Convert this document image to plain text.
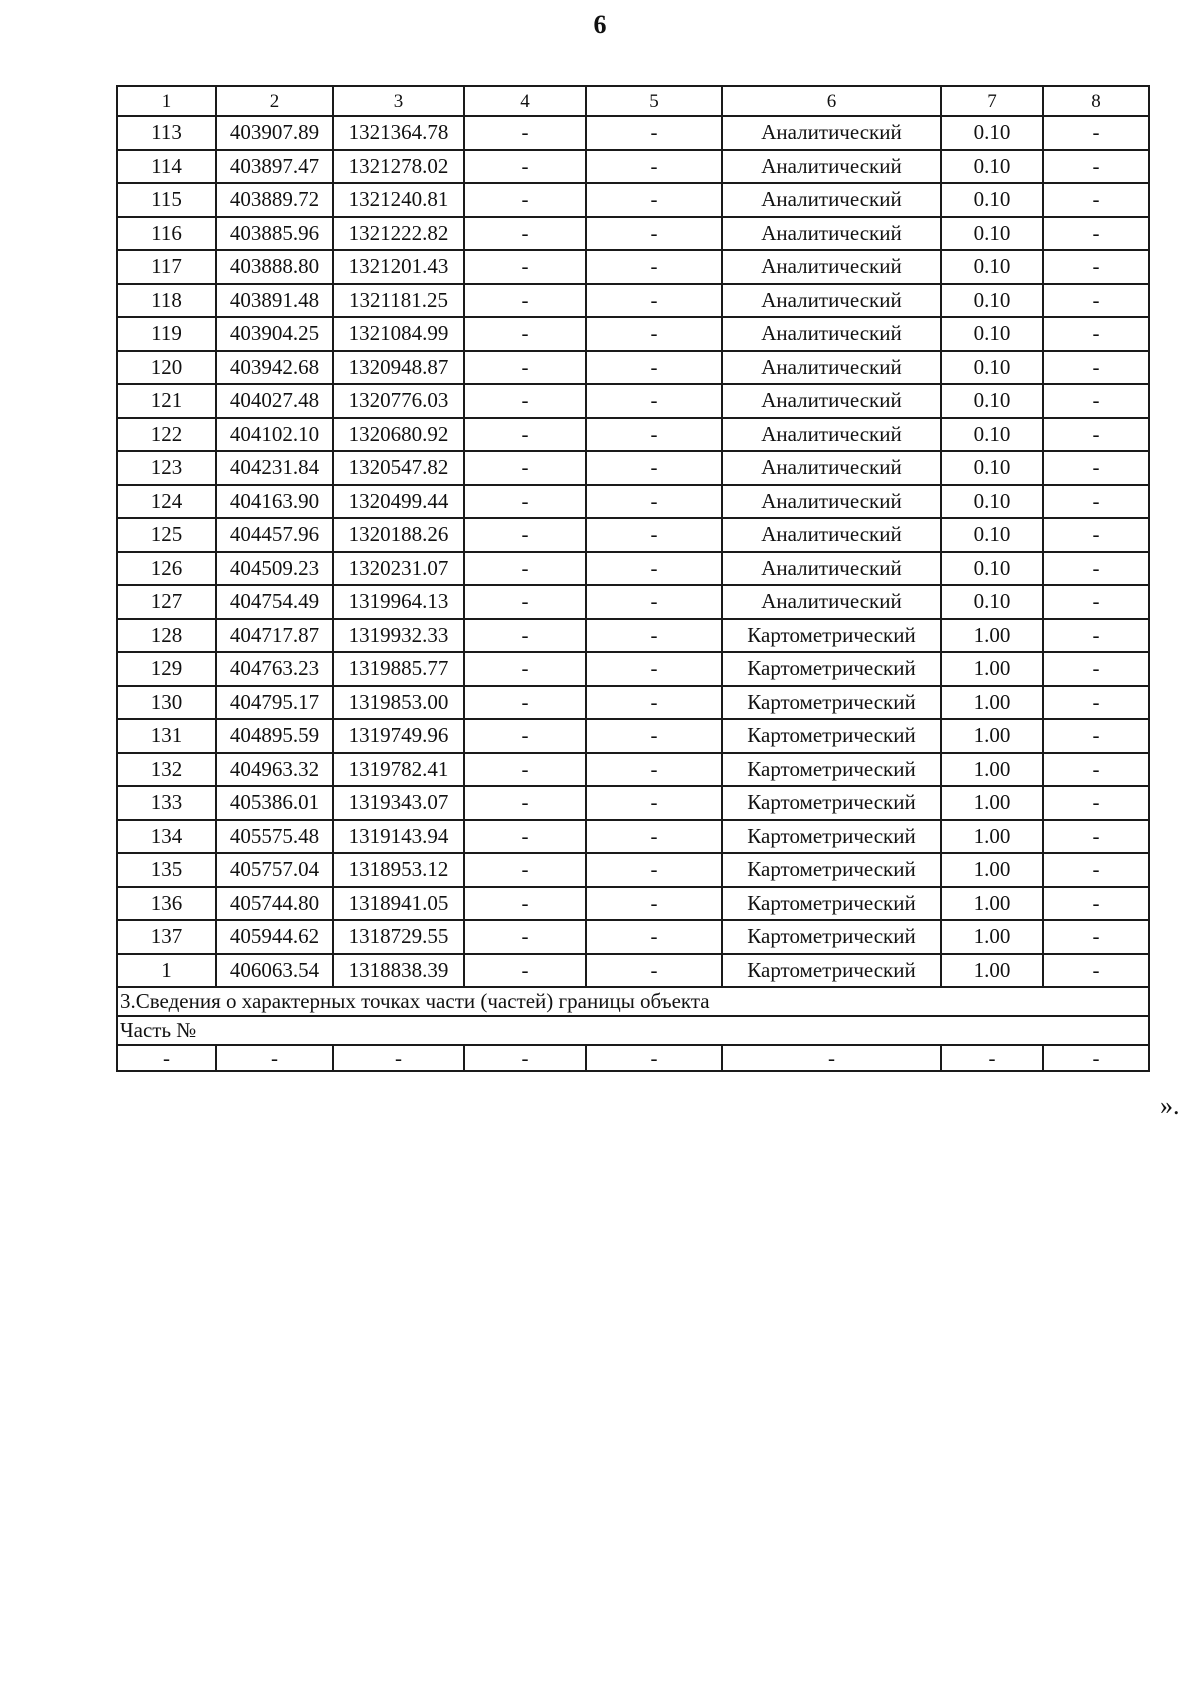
6
1	2	3	4	5	6	7	8
113	403907.89	1321364.78	-	-	Аналитический	0.10	-
114	403897.47	1321278.02	-	-	Аналитический	0.10	-
115	403889.72	1321240.81	-	-	Аналитический	0.10	-
116	403885.96	1321222.82	-	-	Аналитический	0.10	-
117	403888.80	1321201.43	-	-	Аналитический	0.10	-
118	403891.48	1321181.25	-	-	Аналитический	0.10	-
119	403904.25	1321084.99	-	-	Аналитический	0.10	-
120	403942.68	1320948.87	-	-	Аналитический	0.10	-
121	404027.48	1320776.03	-	-	Аналитический	0.10	-
122	404102.10	1320680.92	-	-	Аналитический	0.10	-
123	404231.84	1320547.82	-	-	Аналитический	0.10	-
124	404163.90	1320499.44	-	-	Аналитический	0.10	-
125	404457.96	1320188.26	-	-	Аналитический	0.10	-
126	404509.23	1320231.07	-	-	Аналитический	0.10	-
127	404754.49	1319964.13	-	-	Аналитический	0.10	-
128	404717.87	1319932.33	-	-	Картометрический	1.00	-
129	404763.23	1319885.77	-	-	Картометрический	1.00	-
130	404795.17	1319853.00	-	-	Картометрический	1.00	-
131	404895.59	1319749.96	-	-	Картометрический	1.00	-
132	404963.32	1319782.41	-	-	Картометрический	1.00	-
133	405386.01	1319343.07	-	-	Картометрический	1.00	-
134	405575.48	1319143.94	-	-	Картометрический	1.00	-
135	405757.04	1318953.12	-	-	Картометрический	1.00	-
136	405744.80	1318941.05	-	-	Картометрический	1.00	-
137	405944.62	1318729.55	-	-	Картометрический	1.00	-
1	406063.54	1318838.39	-	-	Картометрический	1.00	-
3.Сведения о характерных точках части (частей) границы объекта							
Часть №							
-	-	-	-	-	-	-	-
».
